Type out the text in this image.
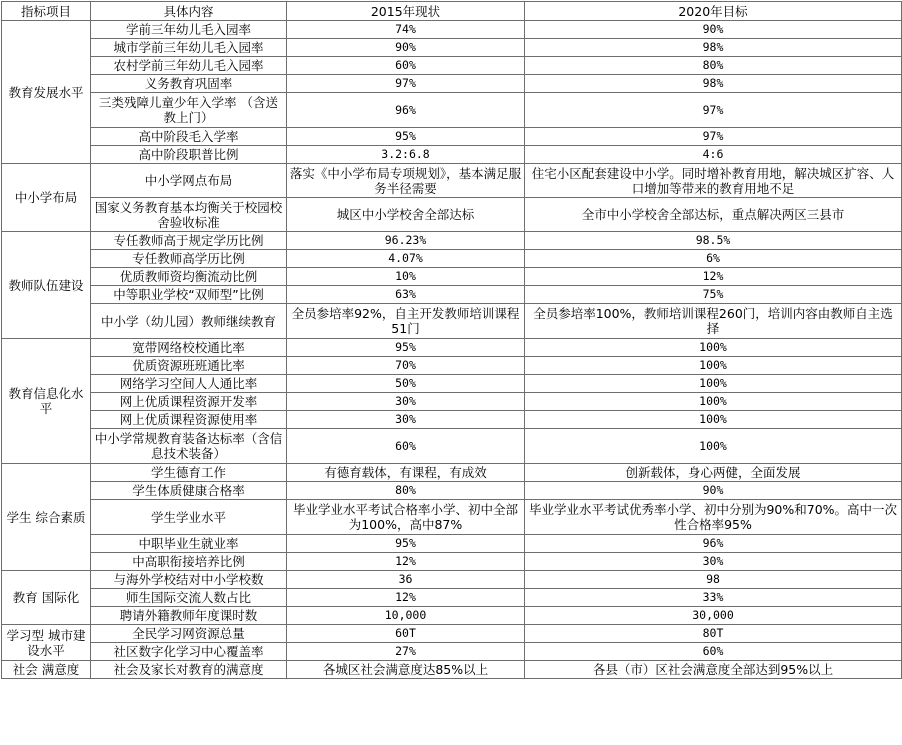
指标项目	具体内容	2015年现状	2020年目标
教育发展水平	学前三年幼儿毛入园率	74%	90%
	城市学前三年幼儿毛入园率	90%	98%
	农村学前三年幼儿毛入园率	60%	80%
	义务教育巩固率	97%	98%
	三类残障儿童少年入学率 （含送教上门）	96%	97%
	高中阶段毛入学率	95%	97%
	高中阶段职普比例	3.2:6.8	4:6
中小学布局	中小学网点布局	落实《中小学布局专项规划》，基本满足服务半径需要	住宅小区配套建设中小学。同时增补教育用地，解决城区扩容、人口增加等带来的教育用地不足
	国家义务教育基本均衡关于校园校舍验收标准	城区中小学校舍全部达标	全市中小学校舍全部达标，重点解决两区三县市
教师队伍建设	专任教师高于规定学历比例	96.23%	98.5%
	专任教师高学历比例	4.07%	6%
	优质教师资均衡流动比例	10%	12%
	中等职业学校“双师型”比例	63%	75%
	中小学（幼儿园）教师继续教育	全员参培率92%，自主开发教师培训课程51门	全员参培率100%，教师培训课程260门，培训内容由教师自主选择
教育信息化水平	宽带网络校校通比率	95%	100%
	优质资源班班通比率	70%	100%
	网络学习空间人人通比率	50%	100%
	网上优质课程资源开发率	30%	100%
	网上优质课程资源使用率	30%	100%
	中小学常规教育装备达标率（含信息技术装备）	60%	100%
学生 综合素质	学生德育工作	有德育载体，有课程，有成效	创新载体，身心两健，全面发展
	学生体质健康合格率	80%	90%
	学生学业水平	毕业学业水平考试合格率小学、初中全部为100%，高中87%	毕业学业水平考试优秀率小学、初中分别为90%和70%。高中一次性合格率95%
	中职毕业生就业率	95%	96%
	中高职衔接培养比例	12%	30%
教育 国际化	与海外学校结对中小学校数	36	98
	师生国际交流人数占比	12%	33%
	聘请外籍教师年度课时数	10,000	30,000
学习型 城市建设水平	全民学习网资源总量	60T	80T
	社区数字化学习中心覆盖率	27%	60%
社会 满意度	社会及家长对教育的满意度	各城区社会满意度达85%以上	各县（市）区社会满意度全部达到95%以上
